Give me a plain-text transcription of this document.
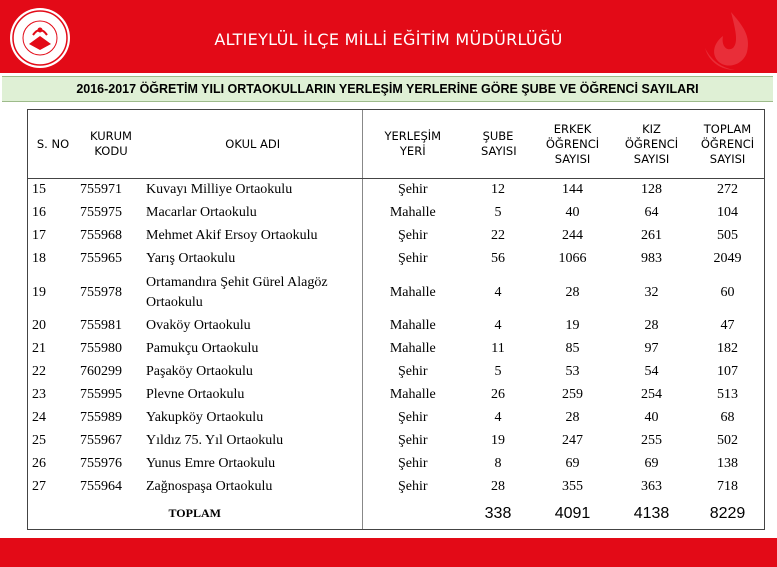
ALTIEYLÜL İLÇE MİLLİ EĞİTİM MÜDÜRLÜĞÜ
2016-2017 ÖĞRETİM YILI ORTAOKULLARIN YERLEŞİM YERLERİNE GÖRE ŞUBE VE ÖĞRENCİ SAYILARI
S. NO	KURUM KODU	OKUL ADI	YERLEŞİM YERİ	ŞUBE SAYISI	ERKEK ÖĞRENCİ SAYISI	KIZ ÖĞRENCİ SAYISI	TOPLAM ÖĞRENCİ SAYISI
15	755971	Kuvayı Milliye Ortaokulu	Şehir	12	144	128	272
16	755975	Macarlar Ortaokulu	Mahalle	5	40	64	104
17	755968	Mehmet Akif Ersoy Ortaokulu	Şehir	22	244	261	505
18	755965	Yarış Ortaokulu	Şehir	56	1066	983	2049
19	755978	Ortamandıra Şehit Gürel Alagöz Ortaokulu	Mahalle	4	28	32	60
20	755981	Ovaköy Ortaokulu	Mahalle	4	19	28	47
21	755980	Pamukçu Ortaokulu	Mahalle	11	85	97	182
22	760299	Paşaköy Ortaokulu	Şehir	5	53	54	107
23	755995	Plevne Ortaokulu	Mahalle	26	259	254	513
24	755989	Yakupköy Ortaokulu	Şehir	4	28	40	68
25	755967	Yıldız 75. Yıl Ortaokulu	Şehir	19	247	255	502
26	755976	Yunus Emre Ortaokulu	Şehir	8	69	69	138
27	755964	Zağnospaşa Ortaokulu	Şehir	28	355	363	718
TOPLAM				338	4091	4138	8229
